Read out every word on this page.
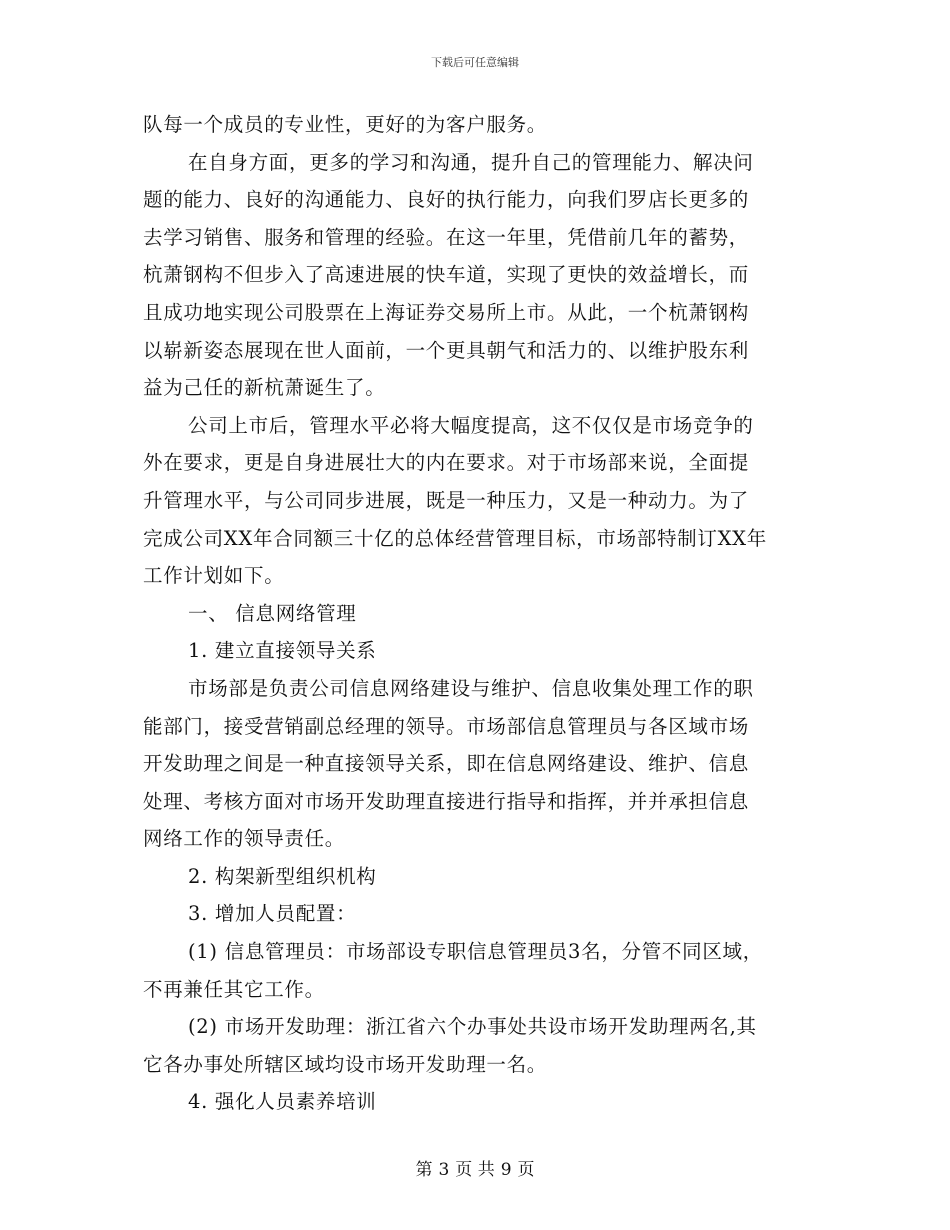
下载后可任意编辑
队每一个成员的专业性，更好的为客户服务。
在自身方面，更多的学习和沟通，提升自己的管理能力、解决问
题的能力、良好的沟通能力、良好的执行能力，向我们罗店长更多的
去学习销售、服务和管理的经验。在这一年里，凭借前几年的蓄势，
杭萧钢构不但步入了高速进展的快车道，实现了更快的效益增长，而
且成功地实现公司股票在上海证券交易所上市。从此，一个杭萧钢构
以崭新姿态展现在世人面前，一个更具朝气和活力的、以维护股东利
益为己任的新杭萧诞生了。
公司上市后，管理水平必将大幅度提高，这不仅仅是市场竞争的
外在要求，更是自身进展壮大的内在要求。对于市场部来说，全面提
升管理水平，与公司同步进展，既是一种压力，又是一种动力。为了
完成公司XX年合同额三十亿的总体经营管理目标，市场部特制订XX年
工作计划如下。
一、 信息网络管理
1. 建立直接领导关系
市场部是负责公司信息网络建设与维护、信息收集处理工作的职
能部门，接受营销副总经理的领导。市场部信息管理员与各区域市场
开发助理之间是一种直接领导关系，即在信息网络建设、维护、信息
处理、考核方面对市场开发助理直接进行指导和指挥，并并承担信息
网络工作的领导责任。
2. 构架新型组织机构
3. 增加人员配置：
(1) 信息管理员：市场部设专职信息管理员3名，分管不同区域，
不再兼任其它工作。
(2) 市场开发助理：浙江省六个办事处共设市场开发助理两名,其
它各办事处所辖区域均设市场开发助理一名。
4. 强化人员素养培训
第 3 页 共 9 页
